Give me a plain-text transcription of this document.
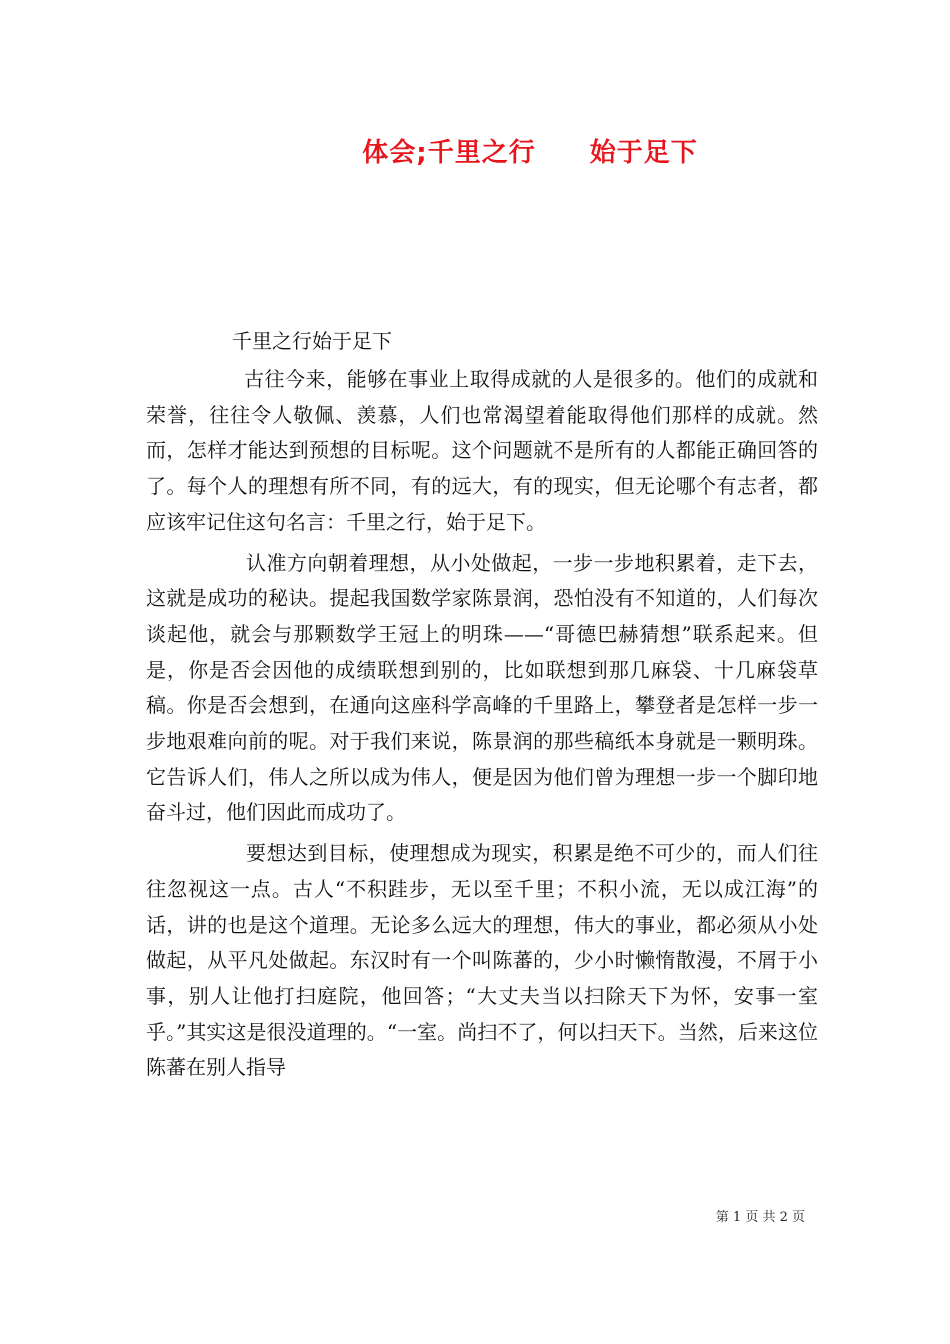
体会;千里之行　　始于足下
千里之行始于足下

古往今来，能够在事业上取得成就的人是很多的。他们的成就和荣誉，往往令人敬佩、羡慕，人们也常渴望着能取得他们那样的成就。然而，怎样才能达到预想的目标呢。这个问题就不是所有的人都能正确回答的了。每个人的理想有所不同，有的远大，有的现实，但无论哪个有志者，都应该牢记住这句名言：千里之行，始于足下。

认准方向朝着理想，从小处做起，一步一步地积累着，走下去，这就是成功的秘诀。提起我国数学家陈景润，恐怕没有不知道的，人们每次谈起他，就会与那颗数学王冠上的明珠——“哥德巴赫猜想”联系起来。但是，你是否会因他的成绩联想到别的，比如联想到那几麻袋、十几麻袋草稿。你是否会想到，在通向这座科学高峰的千里路上，攀登者是怎样一步一步地艰难向前的呢。对于我们来说，陈景润的那些稿纸本身就是一颗明珠。它告诉人们，伟人之所以成为伟人，便是因为他们曾为理想一步一个脚印地奋斗过，他们因此而成功了。

要想达到目标，使理想成为现实，积累是绝不可少的，而人们往往忽视这一点。古人“不积跬步，无以至千里；不积小流，无以成江海”的话，讲的也是这个道理。无论多么远大的理想，伟大的事业，都必须从小处做起，从平凡处做起。东汉时有一个叫陈蕃的，少小时懒惰散漫，不屑于小事，别人让他打扫庭院，他回答；“大丈夫当以扫除天下为怀，安事一室乎。”其实这是很没道理的。“一室。尚扫不了，何以扫天下。当然，后来这位陈蕃在别人指导

第 1 页 共 2 页
